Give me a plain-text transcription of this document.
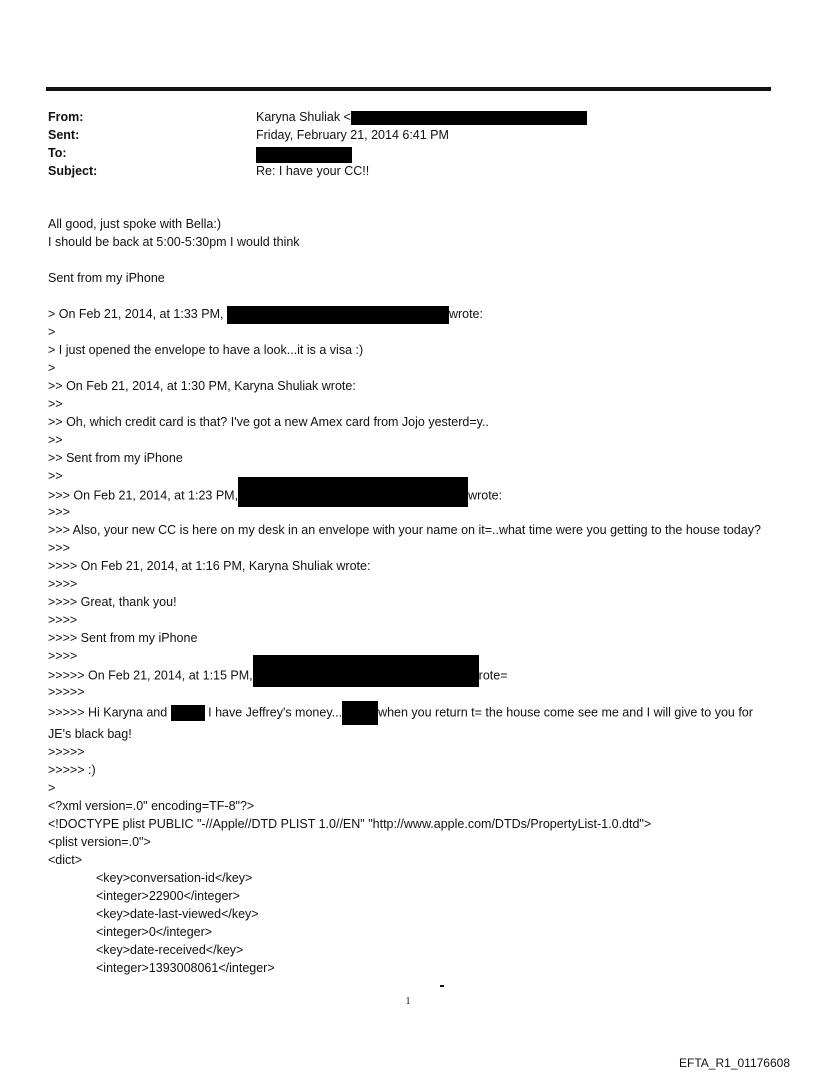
From:	Karyna Shuliak <
Sent:	Friday, February 21, 2014 6:41 PM
To:
Subject:	Re: I have your CC!!
All good, just spoke with Bella:)
I should be back at 5:00-5:30pm I would think
Sent from my iPhone
> On Feb 21, 2014, at 1:33 PM,	wrote:
>
> I just opened the envelope to have a look...it is a visa :)
>
>> On Feb 21, 2014, at 1:30 PM, Karyna Shuliak wrote:
>>
>> Oh, which credit card is that? I've got a new Amex card from Jojo yesterd=y..
>>
>> Sent from my iPhone
>>
>>> On Feb 21, 2014, at 1:23 PM,	wrote:
>>>
>>> Also, your new CC is here on my desk in an envelope with your name on it=..what time were you getting to the house today?
>>>
>>>> On Feb 21, 2014, at 1:16 PM, Karyna Shuliak wrote:
>>>>
>>>> Great, thank you!
>>>>
>>>> Sent from my iPhone
>>>>
>>>>> On Feb 21, 2014, at 1:15 PM,	rote=
>>>>>
>>>>> Hi Karyna and	I have Jeffrey's money...	when you return t= the house come see me and I will give to you for JE's black bag!
>>>>>
>>>>> :)
>
<?xml version=.0" encoding=TF-8"?>
<!DOCTYPE plist PUBLIC "-//Apple//DTD PLIST 1.0//EN" "http://www.apple.com/DTDs/PropertyList-1.0.dtd">
<plist version=.0">
<dict>
<key>conversation-id</key>
<integer>22900</integer>
<key>date-last-viewed</key>
<integer>0</integer>
<key>date-received</key>
<integer>1393008061</integer>
1
EFTA_R1_01176608
